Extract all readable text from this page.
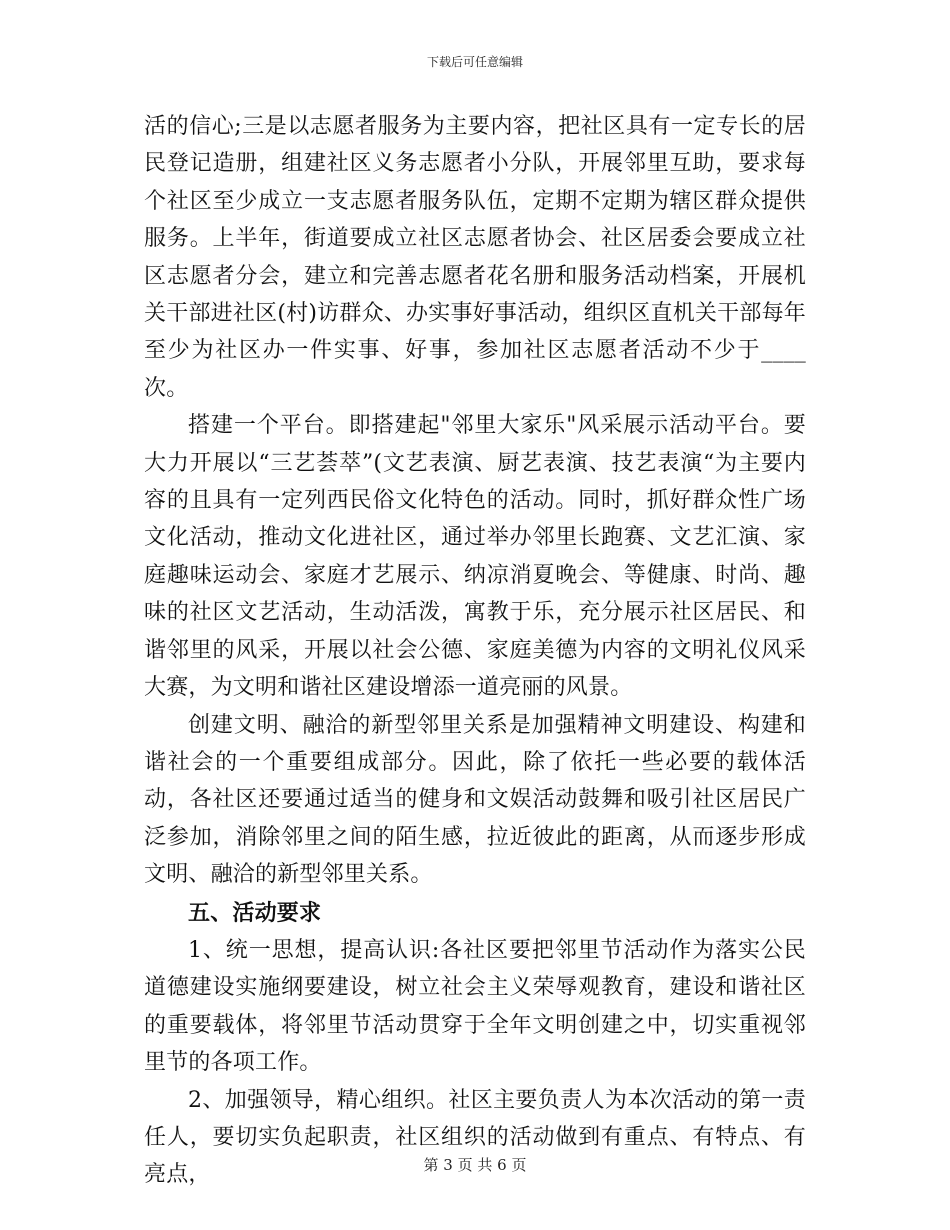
下载后可任意编辑

活的信心;三是以志愿者服务为主要内容，把社区具有一定专长的居民登记造册，组建社区义务志愿者小分队，开展邻里互助，要求每个社区至少成立一支志愿者服务队伍，定期不定期为辖区群众提供服务。上半年，街道要成立社区志愿者协会、社区居委会要成立社区志愿者分会，建立和完善志愿者花名册和服务活动档案，开展机关干部进社区(村)访群众、办实事好事活动，组织区直机关干部每年至少为社区办一件实事、好事，参加社区志愿者活动不少于____次。

搭建一个平台。即搭建起"邻里大家乐"风采展示活动平台。要大力开展以“三艺荟萃”(文艺表演、厨艺表演、技艺表演“为主要内容的且具有一定列西民俗文化特色的活动。同时，抓好群众性广场文化活动，推动文化进社区，通过举办邻里长跑赛、文艺汇演、家庭趣味运动会、家庭才艺展示、纳凉消夏晚会、等健康、时尚、趣味的社区文艺活动，生动活泼，寓教于乐，充分展示社区居民、和谐邻里的风采，开展以社会公德、家庭美德为内容的文明礼仪风采大赛，为文明和谐社区建设增添一道亮丽的风景。

创建文明、融洽的新型邻里关系是加强精神文明建设、构建和谐社会的一个重要组成部分。因此，除了依托一些必要的载体活动，各社区还要通过适当的健身和文娱活动鼓舞和吸引社区居民广泛参加，消除邻里之间的陌生感，拉近彼此的距离，从而逐步形成文明、融洽的新型邻里关系。

五、活动要求

1、统一思想，提高认识:各社区要把邻里节活动作为落实公民道德建设实施纲要建设，树立社会主义荣辱观教育，建设和谐社区的重要载体，将邻里节活动贯穿于全年文明创建之中，切实重视邻里节的各项工作。

2、加强领导，精心组织。社区主要负责人为本次活动的第一责任人，要切实负起职责，社区组织的活动做到有重点、有特点、有亮点，	第 3 页 共 6 页
